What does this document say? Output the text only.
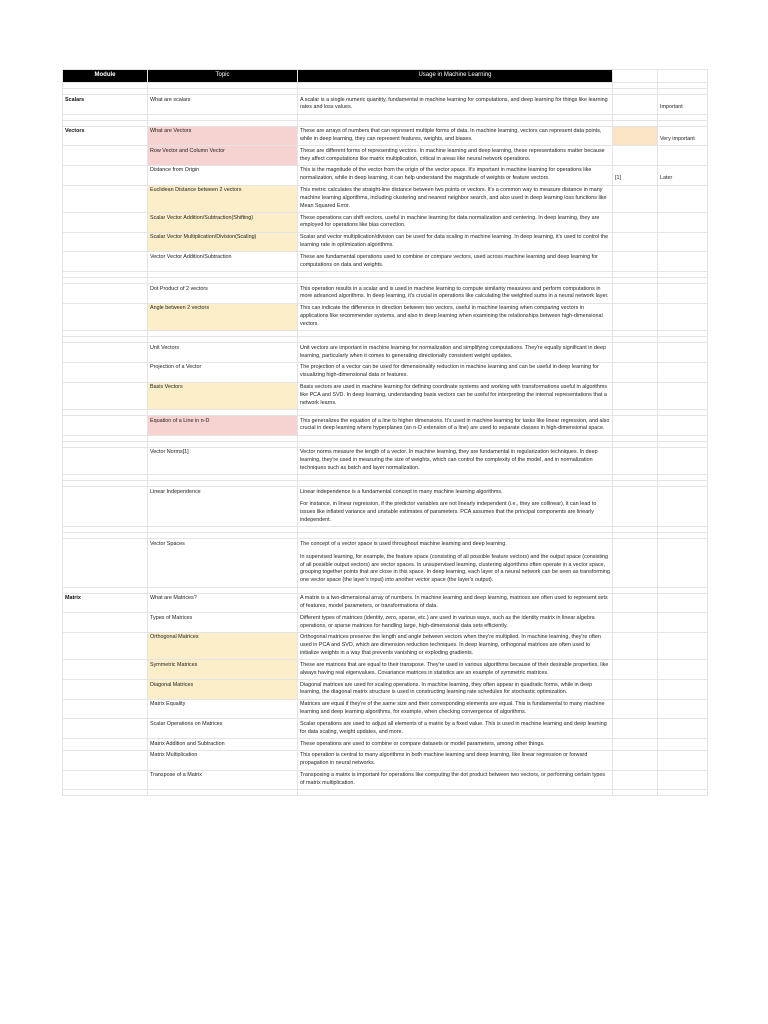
Module	Topic	Usage in Machine Learning		

Scalars	What are scalars	A scalar is a single numeric quantity, fundamental in machine learning for computations, and deep learning for things like learning rates and loss values.		Important

Vectors	What are Vectors	These are arrays of numbers that can represent multiple forms of data. In machine learning, vectors can represent data points, while in deep learning, they can represent features, weights, and biases.		Very important
	Row Vector and Column Vector	These are different forms of representing vectors. In machine learning and deep learning, these representations matter because they affect computations like matrix multiplication, critical in areas like neural network operations.		
	Distance from Origin	This is the magnitude of the vector from the origin of the vector space. It's important in machine learning for operations like normalization, while in deep learning, it can help understand the magnitude of weights or feature vectors.	[1]	Later
	Euclidean Distance between 2 vectors	This metric calculates the straight-line distance between two points or vectors. It's a common way to measure distance in many machine learning algorithms, including clustering and nearest neighbor search, and also used in deep learning loss functions like Mean Squared Error.		
	Scalar Vector Addition/Subtraction(Shifting)	These operations can shift vectors, useful in machine learning for data normalization and centering. In deep learning, they are employed for operations like bias correction.		
	Scalar Vector Multiplication/Division(Scaling)	Scalar and vector multiplication/division can be used for data scaling in machine learning. In deep learning, it's used to control the learning rate in optimization algorithms.		
	Vector Vector Addition/Subtraction	These are fundamental operations used to combine or compare vectors, used across machine learning and deep learning for computations on data and weights.		

	Dot Product of 2 vectors	This operation results in a scalar and is used in machine learning to compute similarity measures and perform computations in more advanced algorithms. In deep learning, it's crucial in operations like calculating the weighted sums in a neural network layer.		
	Angle between 2 vectors	This can indicate the difference in direction between two vectors, useful in machine learning when comparing vectors in applications like recommender systems, and also in deep learning when examining the relationships between high-dimensional vectors.		

	Unit Vectors	Unit vectors are important in machine learning for normalization and simplifying computations. They're equally significant in deep learning, particularly when it comes to generating directionally consistent weight updates.		
	Projection of a Vector	The projection of a vector can be used for dimensionality reduction in machine learning and can be useful in deep learning for visualizing high-dimensional data or features.		
	Basis Vectors	Basis vectors are used in machine learning for defining coordinate systems and working with transformations useful in algorithms like PCA and SVD. In deep learning, understanding basis vectors can be useful for interpreting the internal representations that a network learns.		

	Equation of a Line in n-D	This generalizes the equation of a line to higher dimensions. It's used in machine learning for tasks like linear regression, and also crucial in deep learning where hyperplanes (an n-D extension of a line) are used to separate classes in high-dimensional space.		

	Vector Norms[1]	Vector norms measure the length of a vector. In machine learning, they are fundamental in regularization techniques. In deep learning, they're used in measuring the size of weights, which can control the complexity of the model, and in normalization techniques such as batch and layer normalization.		

	Linear Independence	Linear independence is a fundamental concept in many machine learning algorithms.
For instance, in linear regression, if the predictor variables are not linearly independent (i.e., they are collinear), it can lead to issues like inflated variance and unstable estimates of parameters. PCA assumes that the principal components are linearly independent.		

	Vector Spaces	The concept of a vector space is used throughout machine learning and deep learning.
In supervised learning, for example, the feature space (consisting of all possible feature vectors) and the output space (consisting of all possible output vectors) are vector spaces. In unsupervised learning, clustering algorithms often operate in a vector space, grouping together points that are close in this space. In deep learning, each layer of a neural network can be seen as transforming one vector space (the layer's input) into another vector space (the layer's output).		

Matrix	What are Matrices?	A matrix is a two-dimensional array of numbers. In machine learning and deep learning, matrices are often used to represent sets of features, model parameters, or transformations of data.		
	Types of Matrices	Different types of matrices (identity, zero, sparse, etc.) are used in various ways, such as the identity matrix in linear algebra operations, or sparse matrices for handling large, high-dimensional data sets efficiently.		
	Orthogonal Matrices	Orthogonal matrices preserve the length and angle between vectors when they're multiplied. In machine learning, they're often used in PCA and SVD, which are dimension reduction techniques. In deep learning, orthogonal matrices are often used to initialize weights in a way that prevents vanishing or exploding gradients.		
	Symmetric Matrices	These are matrices that are equal to their transpose. They're used in various algorithms because of their desirable properties, like always having real eigenvalues. Covariance matrices in statistics are an example of symmetric matrices.		
	Diagonal Matrices	Diagonal matrices are used for scaling operations. In machine learning, they often appear in quadratic forms, while in deep learning, the diagonal matrix structure is used in constructing learning rate schedules for stochastic optimization.		
	Matrix Equality	Matrices are equal if they're of the same size and their corresponding elements are equal. This is fundamental to many machine learning and deep learning algorithms, for example, when checking convergence of algorithms.		
	Scalar Operations on Matrices	Scalar operations are used to adjust all elements of a matrix by a fixed value. This is used in machine learning and deep learning for data scaling, weight updates, and more.		
	Matrix Addition and Subtraction	These operations are used to combine or compare datasets or model parameters, among other things.		
	Matrix Multiplication	This operation is central to many algorithms in both machine learning and deep learning, like linear regression or forward propagation in neural networks.		
	Transpose of a Matrix	Transposing a matrix is important for operations like computing the dot product between two vectors, or performing certain types of matrix multiplication.		
